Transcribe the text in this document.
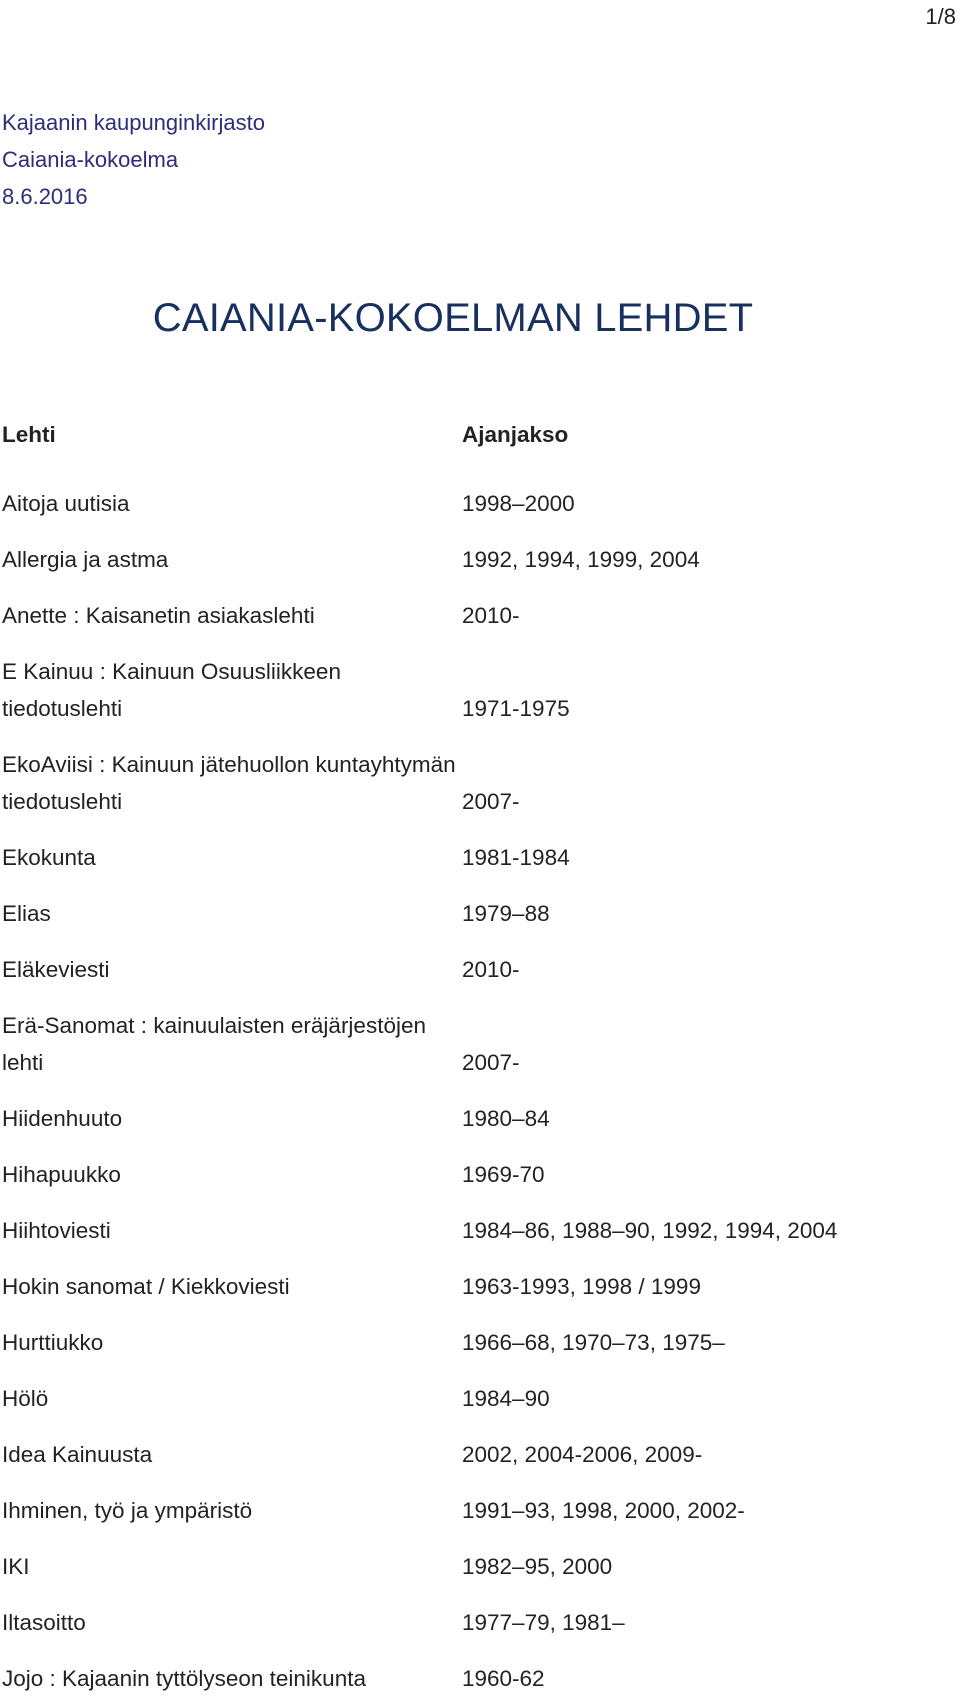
1/8
Kajaanin kaupunginkirjasto
Caiania-kokoelma
8.6.2016
CAIANIA-KOKOELMAN LEHDET
Lehti	Ajanjakso
Aitoja uutisia	1998–2000
Allergia ja astma	1992, 1994, 1999, 2004
Anette : Kaisanetin asiakaslehti	2010-
E Kainuu : Kainuun Osuusliikkeen tiedotuslehti	1971-1975
EkoAviisi : Kainuun jätehuollon kuntayhtymän tiedotuslehti	2007-
Ekokunta	1981-1984
Elias	1979–88
Eläkeviesti	2010-
Erä-Sanomat : kainuulaisten eräjärjestöjen lehti	2007-
Hiidenhuuto	1980–84
Hihapuukko	1969-70
Hiihtoviesti	1984–86, 1988–90, 1992, 1994, 2004
Hokin sanomat / Kiekkoviesti	1963-1993, 1998 / 1999
Hurttiukko	1966–68, 1970–73, 1975–
Hölö	1984–90
Idea Kainuusta	2002, 2004-2006, 2009-
Ihminen, työ ja ympäristö	1991–93, 1998, 2000, 2002-
IKI	1982–95, 2000
Iltasoitto	1977–79, 1981–
Jojo : Kajaanin tyttölyseon teinikunta	1960-62
